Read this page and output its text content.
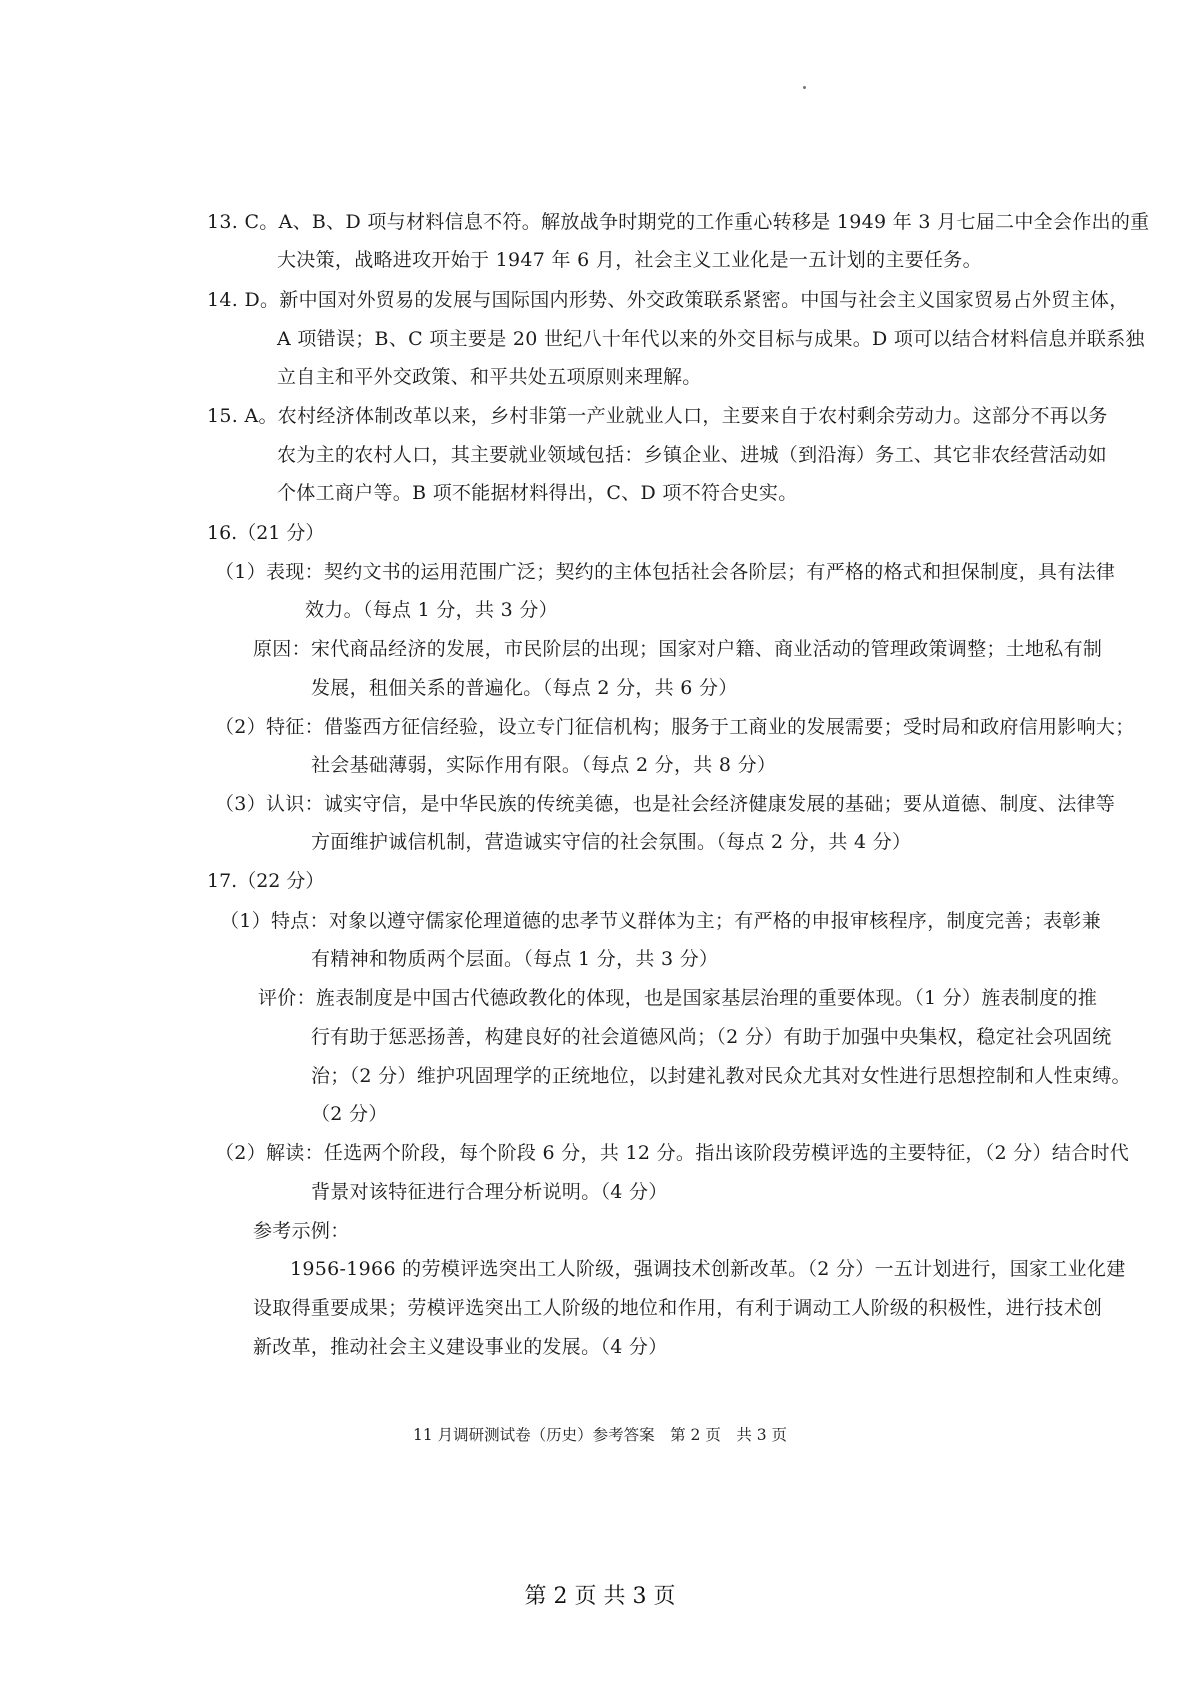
13. C。A、B、D 项与材料信息不符。解放战争时期党的工作重心转移是 1949 年 3 月七届二中全会作出的重
大决策，战略进攻开始于 1947 年 6 月，社会主义工业化是一五计划的主要任务。
14. D。新中国对外贸易的发展与国际国内形势、外交政策联系紧密。中国与社会主义国家贸易占外贸主体，
A 项错误；B、C 项主要是 20 世纪八十年代以来的外交目标与成果。D 项可以结合材料信息并联系独
立自主和平外交政策、和平共处五项原则来理解。
15. A。农村经济体制改革以来，乡村非第一产业就业人口，主要来自于农村剩余劳动力。这部分不再以务
农为主的农村人口，其主要就业领域包括：乡镇企业、进城（到沿海）务工、其它非农经营活动如
个体工商户等。B 项不能据材料得出，C、D 项不符合史实。
16.（21 分）
（1）表现：契约文书的运用范围广泛；契约的主体包括社会各阶层；有严格的格式和担保制度，具有法律
效力。（每点 1 分，共 3 分）
原因：宋代商品经济的发展，市民阶层的出现；国家对户籍、商业活动的管理政策调整；土地私有制
发展，租佃关系的普遍化。（每点 2 分，共 6 分）
（2）特征：借鉴西方征信经验，设立专门征信机构；服务于工商业的发展需要；受时局和政府信用影响大；
社会基础薄弱，实际作用有限。（每点 2 分，共 8 分）
（3）认识：诚实守信，是中华民族的传统美德，也是社会经济健康发展的基础；要从道德、制度、法律等
方面维护诚信机制，营造诚实守信的社会氛围。（每点 2 分，共 4 分）
17.（22 分）
（1）特点：对象以遵守儒家伦理道德的忠孝节义群体为主；有严格的申报审核程序，制度完善；表彰兼
有精神和物质两个层面。（每点 1 分，共 3 分）
评价：旌表制度是中国古代德政教化的体现，也是国家基层治理的重要体现。（1 分）旌表制度的推
行有助于惩恶扬善，构建良好的社会道德风尚；（2 分）有助于加强中央集权，稳定社会巩固统
治；（2 分）维护巩固理学的正统地位，以封建礼教对民众尤其对女性进行思想控制和人性束缚。
（2 分）
（2）解读：任选两个阶段，每个阶段 6 分，共 12 分。指出该阶段劳模评选的主要特征，（2 分）结合时代
背景对该特征进行合理分析说明。（4 分）
参考示例：
1956-1966 的劳模评选突出工人阶级，强调技术创新改革。（2 分）一五计划进行，国家工业化建
设取得重要成果；劳模评选突出工人阶级的地位和作用，有利于调动工人阶级的积极性，进行技术创
新改革，推动社会主义建设事业的发展。（4 分）
11 月调研测试卷（历史）参考答案　第 2 页　共 3 页
第 2 页 共 3 页
